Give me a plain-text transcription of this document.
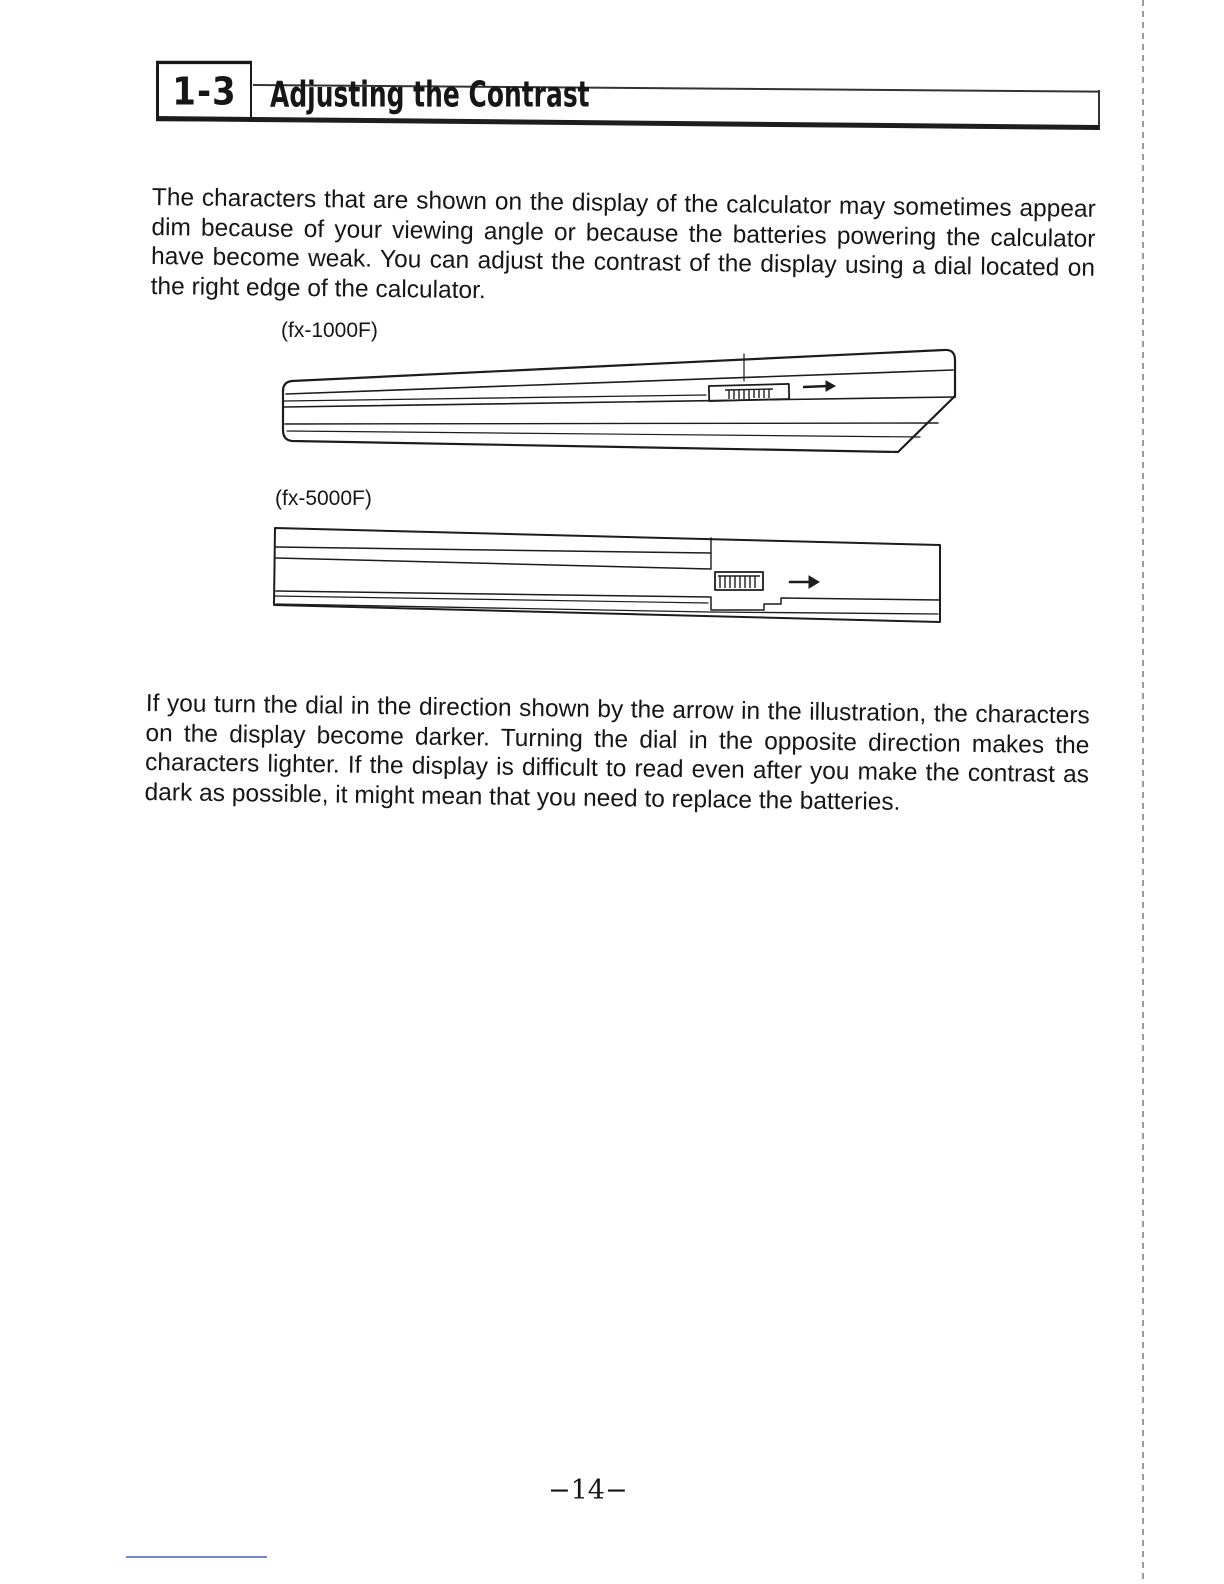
1-3	Adjusting the Contrast

The characters that are shown on the display of the calculator may sometimes appear dim because of your viewing angle or because the batteries powering the calculator have become weak. You can adjust the contrast of the display using a dial located on the right edge of the calculator.

(fx-1000F)
(fx-5000F)

If you turn the dial in the direction shown by the arrow in the illustration, the characters on the display become darker. Turning the dial in the opposite direction makes the characters lighter. If the display is difficult to read even after you make the contrast as dark as possible, it might mean that you need to replace the batteries.

−14−
